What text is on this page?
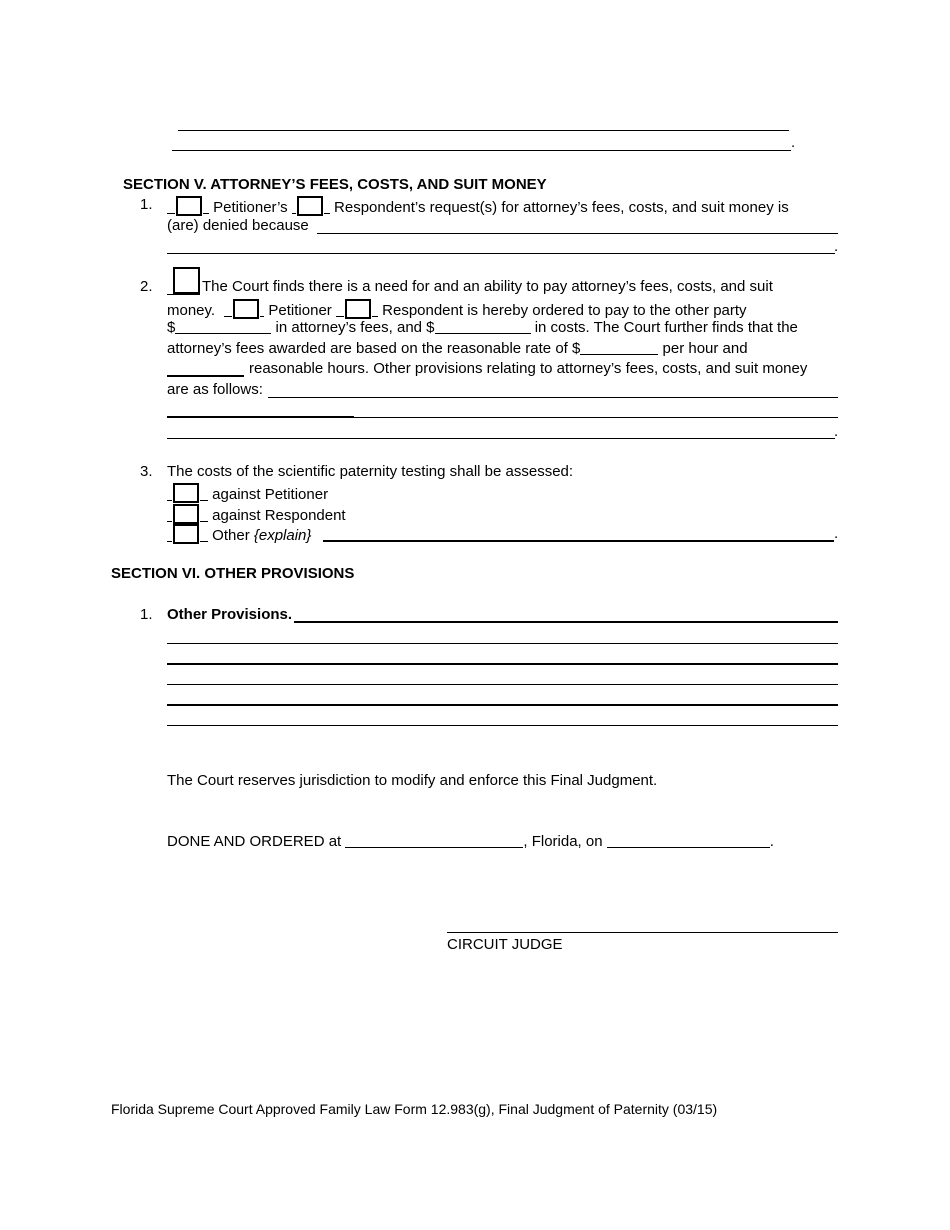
.
SECTION V. ATTORNEY’S FEES, COSTS, AND SUIT MONEY
1.	Petitioner’s	Respondent’s request(s) for attorney’s fees, costs, and suit money is
(are) denied because
.
2.	The Court finds there is a need for and an ability to pay attorney’s fees, costs, and suit
money.	Petitioner	Respondent is hereby ordered to pay to the other party
$	in attorney’s fees, and $	in costs. The Court further finds that the
attorney’s fees awarded are based on the reasonable rate of $	per hour and
reasonable hours. Other provisions relating to attorney’s fees, costs, and suit money
are as follows:
.
3. The costs of the scientific paternity testing shall be assessed:
against Petitioner
against Respondent
Other {explain}	.
SECTION VI. OTHER PROVISIONS
1. Other Provisions.
The Court reserves jurisdiction to modify and enforce this Final Judgment.
DONE AND ORDERED at	, Florida, on	.
CIRCUIT JUDGE
Florida Supreme Court Approved Family Law Form 12.983(g), Final Judgment of Paternity (03/15)
